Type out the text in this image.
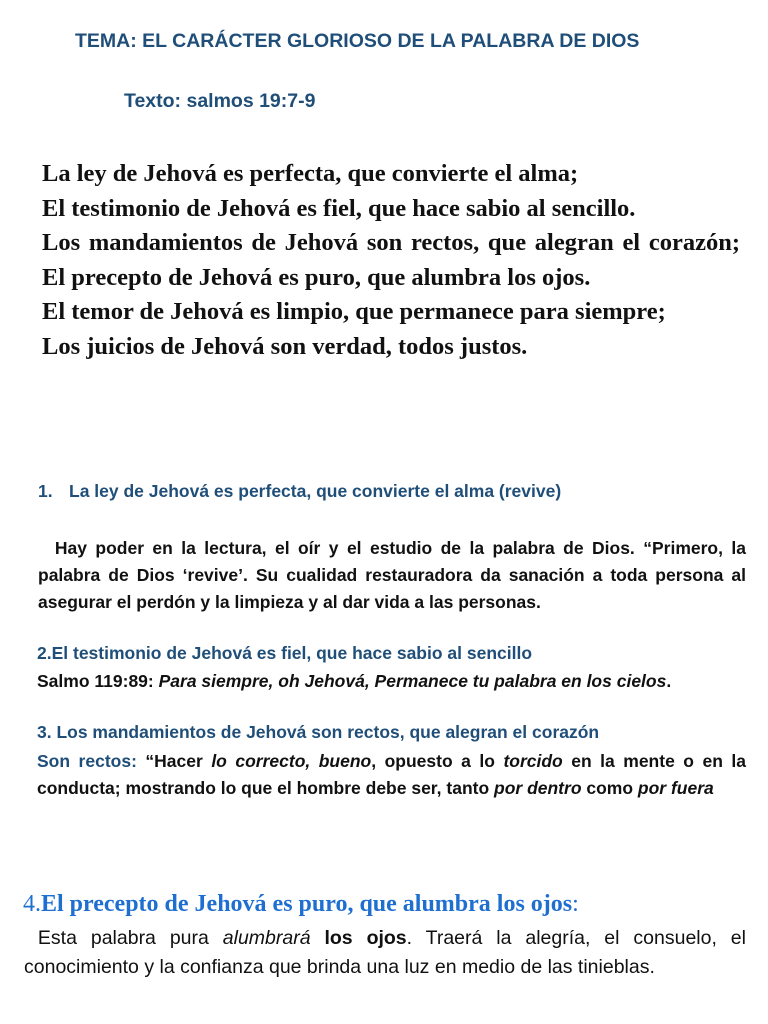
TEMA: EL CARÁCTER GLORIOSO DE LA PALABRA DE DIOS
Texto: salmos 19:7-9

La ley de Jehová es perfecta, que convierte el alma;

El testimonio de Jehová es fiel, que hace sabio al sencillo.

Los mandamientos de Jehová son rectos, que alegran el corazón; El precepto de Jehová es puro, que alumbra los ojos.

El temor de Jehová es limpio, que permanece para siempre;

Los juicios de Jehová son verdad, todos justos.

1. La ley de Jehová es perfecta, que convierte el alma (revive)
Hay poder en la lectura, el oír y el estudio de la palabra de Dios. “Primero, la palabra de Dios ‘revive’. Su cualidad restauradora da sanación a toda persona al asegurar el perdón y la limpieza y al dar vida a las personas.
2.El testimonio de Jehová es fiel, que hace sabio al sencillo
Salmo 119:89: Para siempre, oh Jehová, Permanece tu palabra en los cielos.
3. Los mandamientos de Jehová son rectos, que alegran el corazón
Son rectos: “Hacer lo correcto, bueno, opuesto a lo torcido en la mente o en la conducta; mostrando lo que el hombre debe ser, tanto por dentro como por fuera
4.El precepto de Jehová es puro, que alumbra los ojos:
Esta palabra pura alumbrará los ojos. Traerá la alegría, el consuelo, el conocimiento y la confianza que brinda una luz en medio de las tinieblas.
